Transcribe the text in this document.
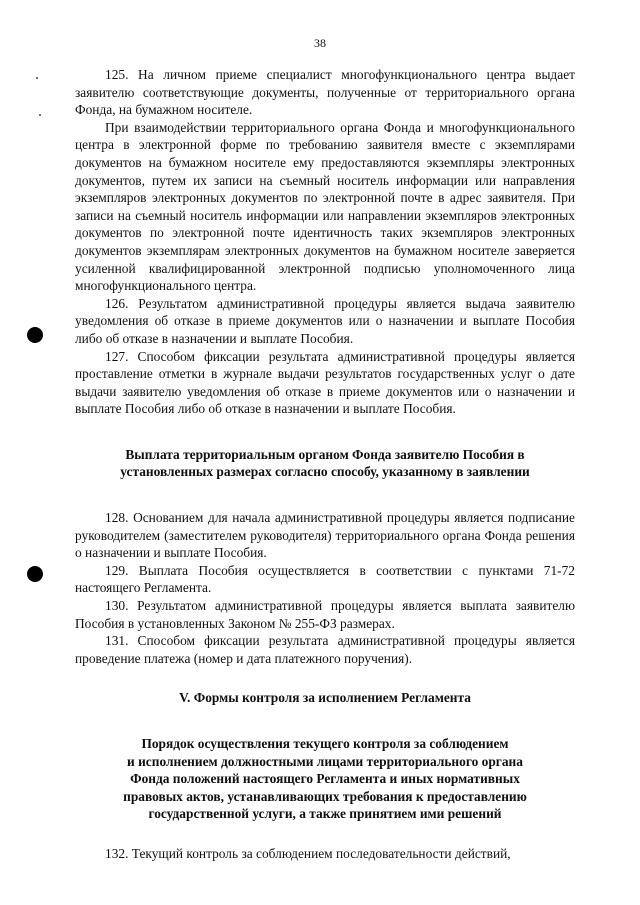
38

125. На личном приеме специалист многофункционального центра выдает заявителю соответствующие документы, полученные от территориального органа Фонда, на бумажном носителе.

При взаимодействии территориального органа Фонда и многофункционального центра в электронной форме по требованию заявителя вместе с экземплярами документов на бумажном носителе ему предоставляются экземпляры электронных документов, путем их записи на съемный носитель информации или направления экземпляров электронных документов по электронной почте в адрес заявителя. При записи на съемный носитель информации или направлении экземпляров электронных документов по электронной почте идентичность таких экземпляров электронных документов экземплярам электронных документов на бумажном носителе заверяется усиленной квалифицированной электронной подписью уполномоченного лица многофункционального центра.

126. Результатом административной процедуры является выдача заявителю уведомления об отказе в приеме документов или о назначении и выплате Пособия либо об отказе в назначении и выплате Пособия.

127. Способом фиксации результата административной процедуры является проставление отметки в журнале выдачи результатов государственных услуг о дате выдачи заявителю уведомления об отказе в приеме документов или о назначении и выплате Пособия либо об отказе в назначении и выплате Пособия.

Выплата территориальным органом Фонда заявителю Пособия в
установленных размерах согласно способу, указанному в заявлении

128. Основанием для начала административной процедуры является подписание руководителем (заместителем руководителя) территориального органа Фонда решения о назначении и выплате Пособия.

129. Выплата Пособия осуществляется в соответствии с пунктами 71-72 настоящего Регламента.

130. Результатом административной процедуры является выплата заявителю Пособия в установленных Законом № 255-ФЗ размерах.

131. Способом фиксации результата административной процедуры является проведение платежа (номер и дата платежного поручения).

V. Формы контроля за исполнением Регламента
Порядок осуществления текущего контроля за соблюдением
и исполнением должностными лицами территориального органа
Фонда положений настоящего Регламента и иных нормативных
правовых актов, устанавливающих требования к предоставлению
государственной услуги, а также принятием ими решений

132. Текущий контроль за соблюдением последовательности действий,
